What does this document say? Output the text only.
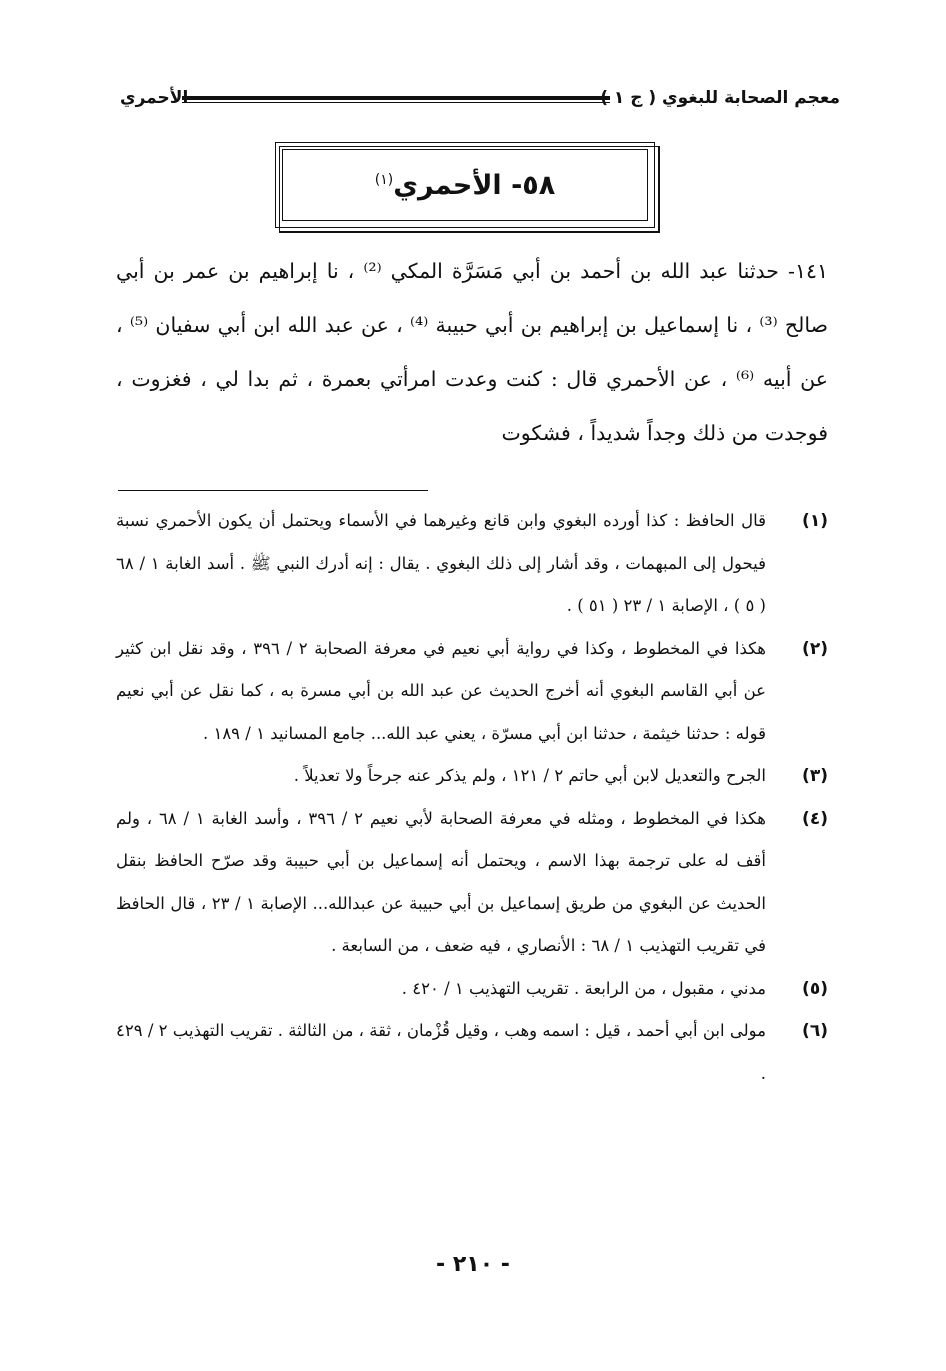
معجم الصحابة للبغوي ( ج ١ )
الأحمري
٥٨- الأحمري$^{(١)}$

١٤١- حدثنا عبد الله بن أحمد بن أبي مَسَرَّة المكي ⁽²⁾ ، نا إبراهيم بن عمر بن أبي صالح ⁽³⁾ ، نا إسماعيل بن إبراهيم بن أبي حبيبة ⁽⁴⁾ ، عن عبد الله ابن أبي سفيان ⁽⁵⁾ ، عن أبيه ⁽⁶⁾ ، عن الأحمري قال : كنت وعدت امرأتي بعمرة ، ثم بدا لي ، فغزوت ، فوجدت من ذلك وجداً شديداً ، فشكوت

(١)
قال الحافظ : كذا أورده البغوي وابن قانع وغيرهما في الأسماء ويحتمل أن يكون الأحمري نسبة فيحول إلى المبهمات ، وقد أشار إلى ذلك البغوي . يقال : إنه أدرك النبي ﷺ . أسد الغابة ١ / ٦٨ ( ٥ ) ، الإصابة ١ / ٢٣ ( ٥١ ) .
(٢)
هكذا في المخطوط ، وكذا في رواية أبي نعيم في معرفة الصحابة ٢ / ٣٩٦ ، وقد نقل ابن كثير عن أبي القاسم البغوي أنه أخرج الحديث عن عبد الله بن أبي مسرة به ، كما نقل عن أبي نعيم قوله : حدثنا خيثمة ، حدثنا ابن أبي مسرّة ، يعني عبد الله... جامع المسانيد ١ / ١٨٩ .
(٣)
الجرح والتعديل لابن أبي حاتم ٢ / ١٢١ ، ولم يذكر عنه جرحاً ولا تعديلاً .
(٤)
هكذا في المخطوط ، ومثله في معرفة الصحابة لأبي نعيم ٢ / ٣٩٦ ، وأسد الغابة ١ / ٦٨ ، ولم أقف له على ترجمة بهذا الاسم ، ويحتمل أنه إسماعيل بن أبي حبيبة وقد صرّح الحافظ بنقل الحديث عن البغوي من طريق إسماعيل بن أبي حبيبة عن عبدالله... الإصابة ١ / ٢٣ ، قال الحافظ في تقريب التهذيب ١ / ٦٨ : الأنصاري ، فيه ضعف ، من السابعة .
(٥)
مدني ، مقبول ، من الرابعة . تقريب التهذيب ١ / ٤٢٠ .
(٦)
مولى ابن أبي أحمد ، قيل : اسمه وهب ، وقيل قُزْمان ، ثقة ، من الثالثة . تقريب التهذيب ٢ / ٤٢٩ .
- ٢١٠ -
